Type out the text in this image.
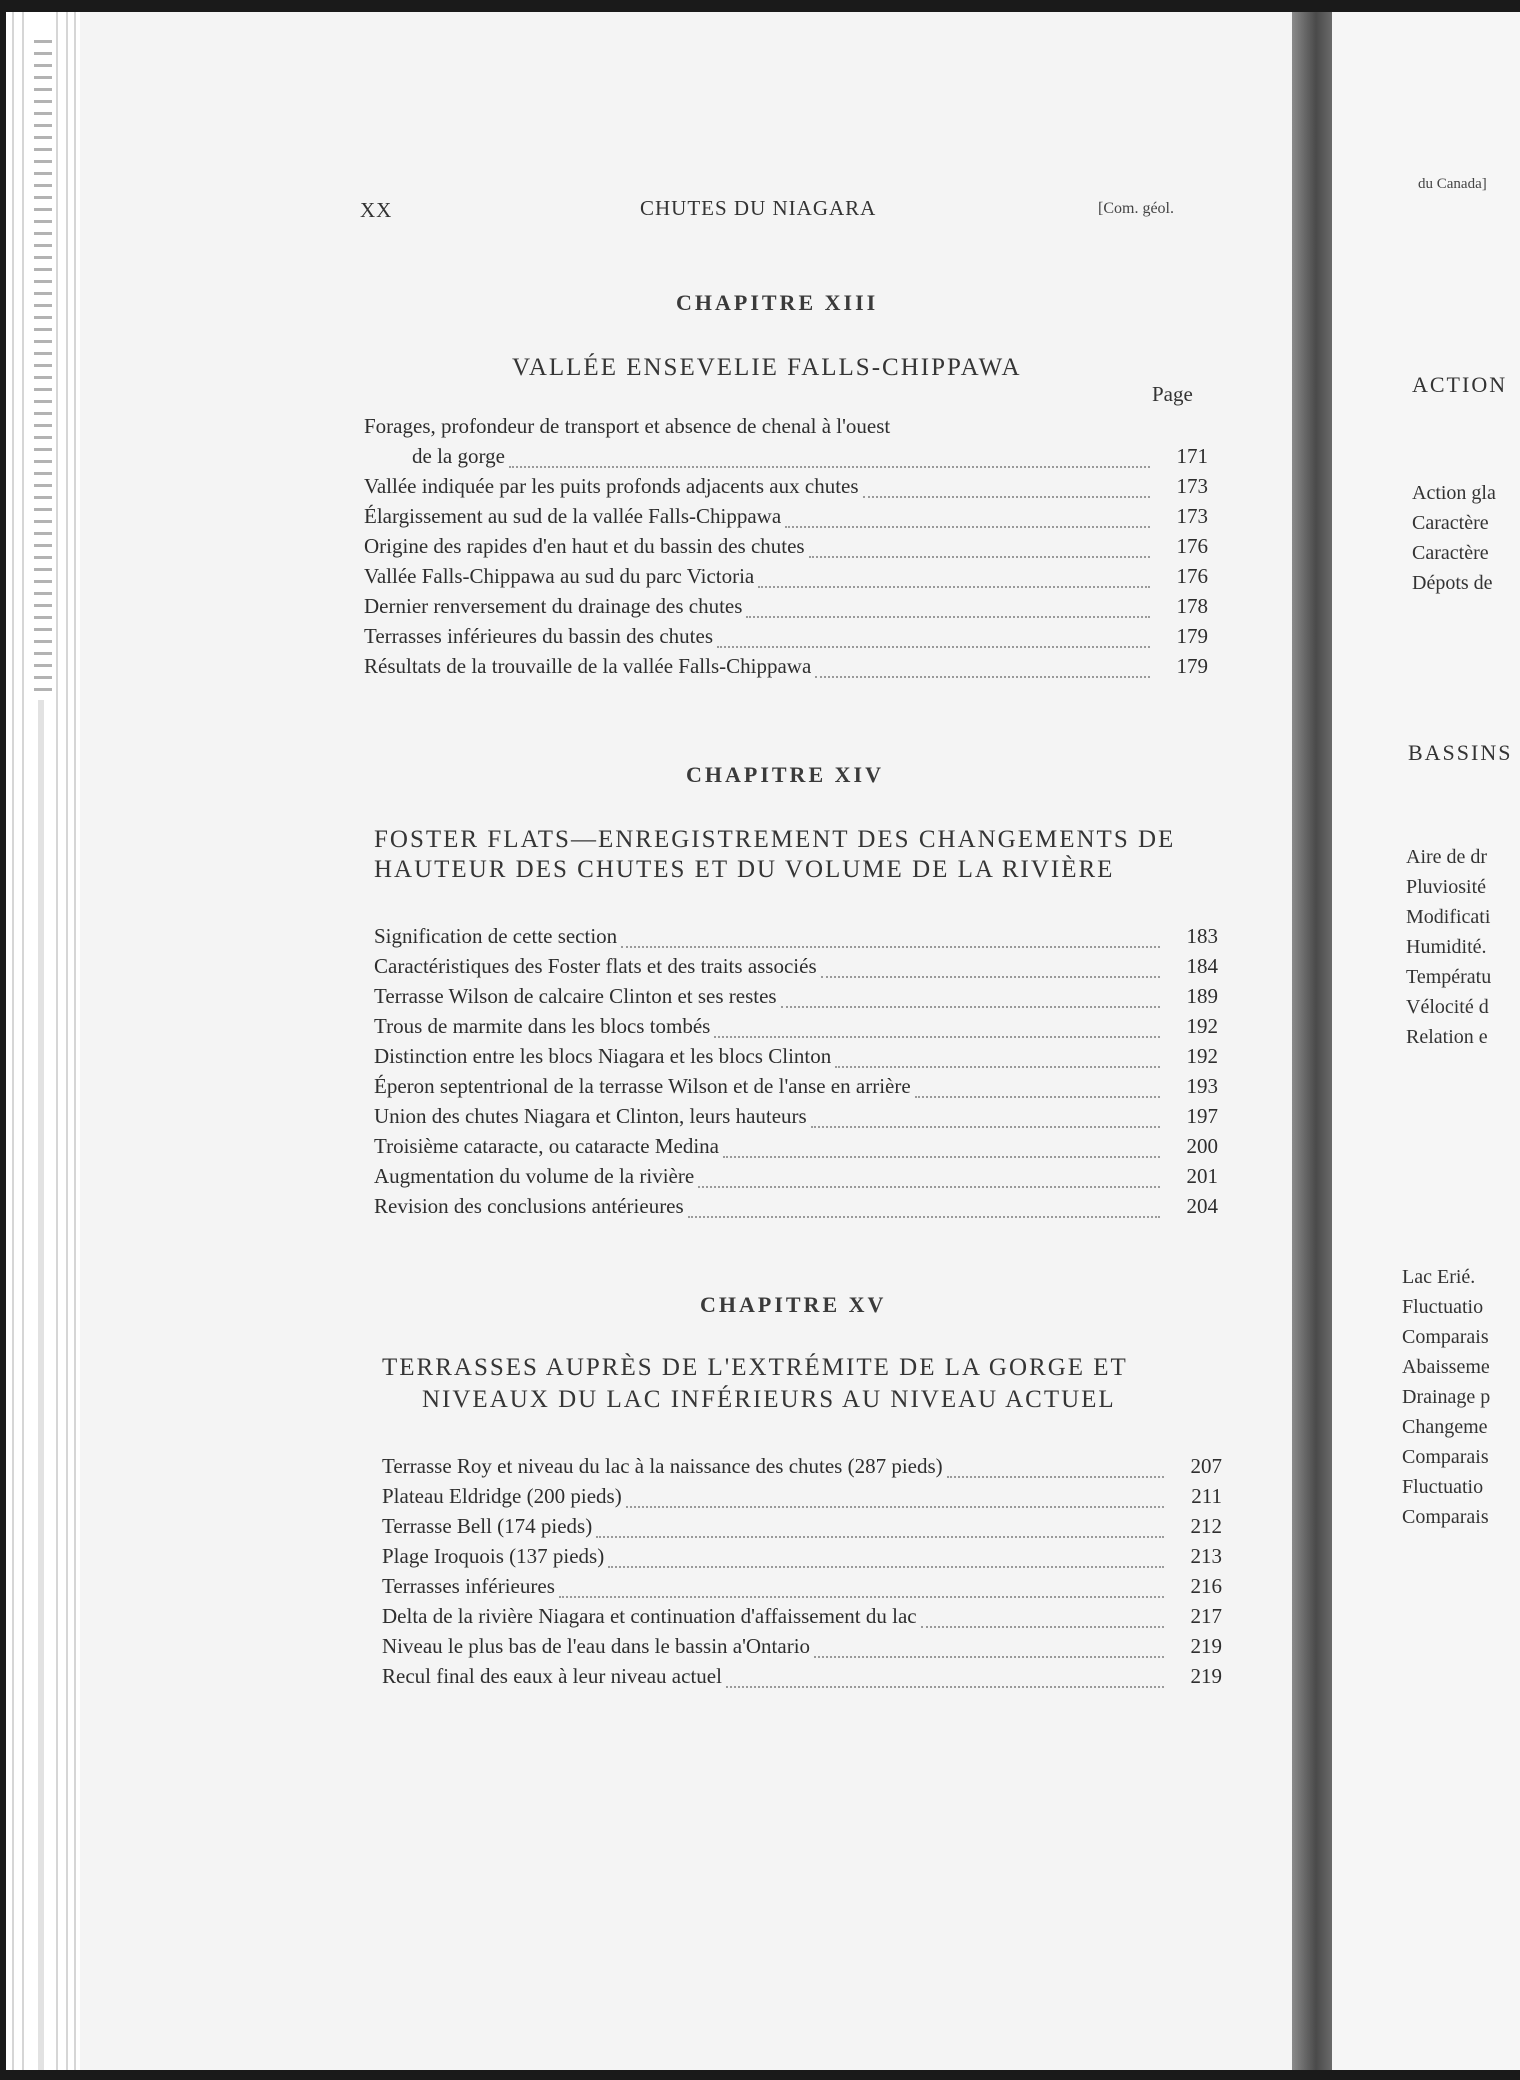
XX	CHUTES DU NIAGARA	[Com. géol.
CHAPITRE XIII
VALLÉE ENSEVELIE FALLS-CHIPPAWA
Page
Forages, profondeur de transport et absence de chenal à l'ouest
de la gorge	171
Vallée indiquée par les puits profonds adjacents aux chutes	173
Élargissement au sud de la vallée Falls-Chippawa	173
Origine des rapides d'en haut et du bassin des chutes	176
Vallée Falls-Chippawa au sud du parc Victoria	176
Dernier renversement du drainage des chutes	178
Terrasses inférieures du bassin des chutes	179
Résultats de la trouvaille de la vallée Falls-Chippawa	179
CHAPITRE XIV
FOSTER FLATS—ENREGISTREMENT DES CHANGEMENTS DE
HAUTEUR DES CHUTES ET DU VOLUME DE LA RIVIÈRE
Signification de cette section	183
Caractéristiques des Foster flats et des traits associés	184
Terrasse Wilson de calcaire Clinton et ses restes	189
Trous de marmite dans les blocs tombés	192
Distinction entre les blocs Niagara et les blocs Clinton	192
Éperon septentrional de la terrasse Wilson et de l'anse en arrière	193
Union des chutes Niagara et Clinton, leurs hauteurs	197
Troisième cataracte, ou cataracte Medina	200
Augmentation du volume de la rivière	201
Revision des conclusions antérieures	204
CHAPITRE XV
TERRASSES AUPRÈS DE L'EXTRÉMITE DE LA GORGE ET
NIVEAUX DU LAC INFÉRIEURS AU NIVEAU ACTUEL
Terrasse Roy et niveau du lac à la naissance des chutes (287 pieds)	207
Plateau Eldridge (200 pieds)	211
Terrasse Bell (174 pieds)	212
Plage Iroquois (137 pieds)	213
Terrasses inférieures	216
Delta de la rivière Niagara et continuation d'affaissement du lac	217
Niveau le plus bas de l'eau dans le bassin a'Ontario	219
Recul final des eaux à leur niveau actuel	219
du Canada]
ACTION
Action gla
Caractère
Caractère
Dépots de
BASSINS
Aire de dr
Pluviosité
Modificati
Humidité.
Températu
Vélocité d
Relation e
Lac Erié.
Fluctuatio
Comparais
Abaisseme
Drainage p
Changeme
Comparais
Fluctuatio
Comparais
